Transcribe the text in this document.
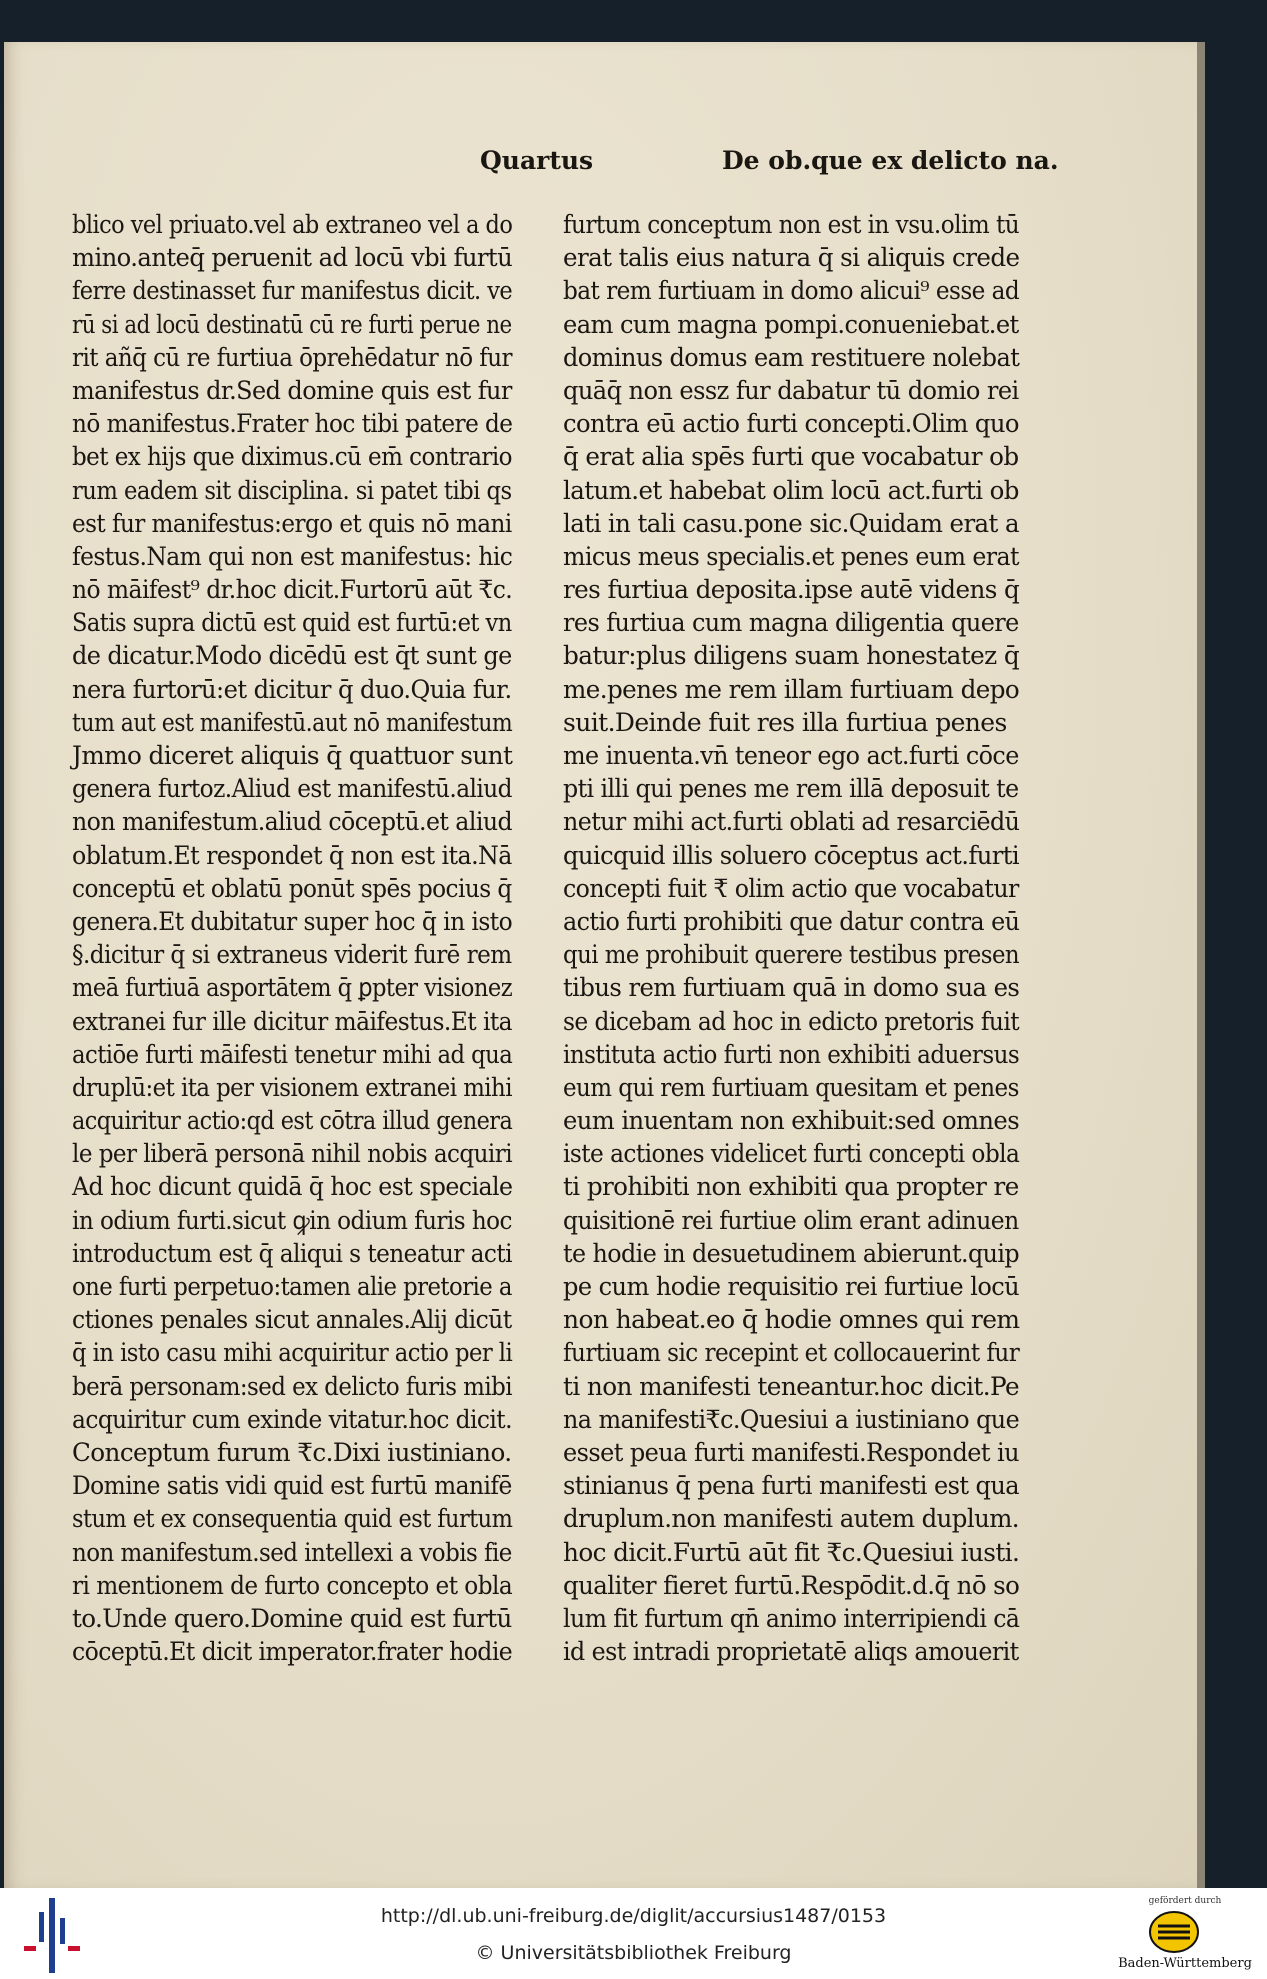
Quartus	De ob.que ex delicto na.
blico vel priuato.vel ab extraneo vel a do
mino.anteq̄ peruenit ad locū vbi furtū
ferre destinasset fur manifestus dicit. ve
rū si ad locū destinatū cū re furti perue ne
rit añq̄ cū re furtiua ōprehēdatur nō fur
manifestus dr.Sed domine quis est fur
nō manifestus.Frater hoc tibi patere de
bet ex hijs que diximus.cū em̄ contrario
rum eadem sit disciplina. si patet tibi qs
est fur manifestus:ergo et quis nō mani
festus.Nam qui non est manifestus: hic
nō māifest⁹ dr.hoc dicit.Furtorū aūt ₹c.
Satis supra dictū est quid est furtū:et vn
de dicatur.Modo dicēdū est q̄t sunt ge
nera furtorū:et dicitur q̄ duo.Quia fur.
tum aut est manifestū.aut nō manifestum
Jmmo diceret aliquis q̄ quattuor sunt
genera furtoz.Aliud est manifestū.aliud
non manifestum.aliud cōceptū.et aliud
oblatum.Et respondet q̄ non est ita.Nā
conceptū et oblatū ponūt spēs pocius q̄
genera.Et dubitatur super hoc q̄ in isto
§.dicitur q̄ si extraneus viderit furē rem
meā furtiuā asportātem q̄ ꝑpter visionez
extranei fur ille dicitur māifestus.Et ita
actiōe furti māifesti tenetur mihi ad qua
druplū:et ita per visionem extranei mihi
acquiritur actio:qd est cōtra illud genera
le per liberā personā nihil nobis acquiri
Ad hoc dicunt quidā q̄ hoc est speciale
in odium furti.sicut ꝙin odium furis hoc
introductum est q̄ aliqui s teneatur acti
one furti perpetuo:tamen alie pretorie a
ctiones penales sicut annales.Alij dicūt
q̄ in isto casu mihi acquiritur actio per li
berā personam:sed ex delicto furis mibi
acquiritur cum exinde vitatur.hoc dicit.
Conceptum furum ₹c.Dixi iustiniano.
Domine satis vidi quid est furtū manifē
stum et ex consequentia quid est furtum
non manifestum.sed intellexi a vobis fie
ri mentionem de furto concepto et obla
to.Unde quero.Domine quid est furtū
cōceptū.Et dicit imperator.frater hodie
furtum conceptum non est in vsu.olim tū
erat talis eius natura q̄ si aliquis crede
bat rem furtiuam in domo alicui⁹ esse ad
eam cum magna pompi.conueniebat.et
dominus domus eam restituere nolebat
quāq̄ non essz fur dabatur tū domio rei
contra eū actio furti concepti.Olim quo
q̄ erat alia spēs furti que vocabatur ob
latum.et habebat olim locū act.furti ob
lati in tali casu.pone sic.Quidam erat a
micus meus specialis.et penes eum erat
res furtiua deposita.ipse autē videns q̄
res furtiua cum magna diligentia quere
batur:plus diligens suam honestatez q̄
me.penes me rem illam furtiuam depo
suit.Deinde fuit res illa furtiua penes
me inuenta.vn̄ teneor ego act.furti cōce
pti illi qui penes me rem illā deposuit te
netur mihi act.furti oblati ad resarciēdū
quicquid illis soluero cōceptus act.furti
concepti fuit ₹ olim actio que vocabatur
actio furti prohibiti que datur contra eū
qui me prohibuit querere testibus presen
tibus rem furtiuam quā in domo sua es
se dicebam ad hoc in edicto pretoris fuit
instituta actio furti non exhibiti aduersus
eum qui rem furtiuam quesitam et penes
eum inuentam non exhibuit:sed omnes
iste actiones videlicet furti concepti obla
ti prohibiti non exhibiti qua propter re
quisitionē rei furtiue olim erant adinuen
te hodie in desuetudinem abierunt.quip
pe cum hodie requisitio rei furtiue locū
non habeat.eo q̄ hodie omnes qui rem
furtiuam sic recepint et collocauerint fur
ti non manifesti teneantur.hoc dicit.Pe
na manifesti₹c.Quesiui a iustiniano que
esset peua furti manifesti.Respondet iu
stinianus q̄ pena furti manifesti est qua
druplum.non manifesti autem duplum.
hoc dicit.Furtū aūt fit ₹c.Quesiui iusti.
qualiter fieret furtū.Respōdit.d.q̄ nō so
lum fit furtum qn̄ animo interripiendi cā
id est intradi proprietatē aliqs amouerit
http://dl.ub.uni-freiburg.de/diglit/accursius1487/0153
© Universitätsbibliothek Freiburg
gefördert durch
Baden-Württemberg
